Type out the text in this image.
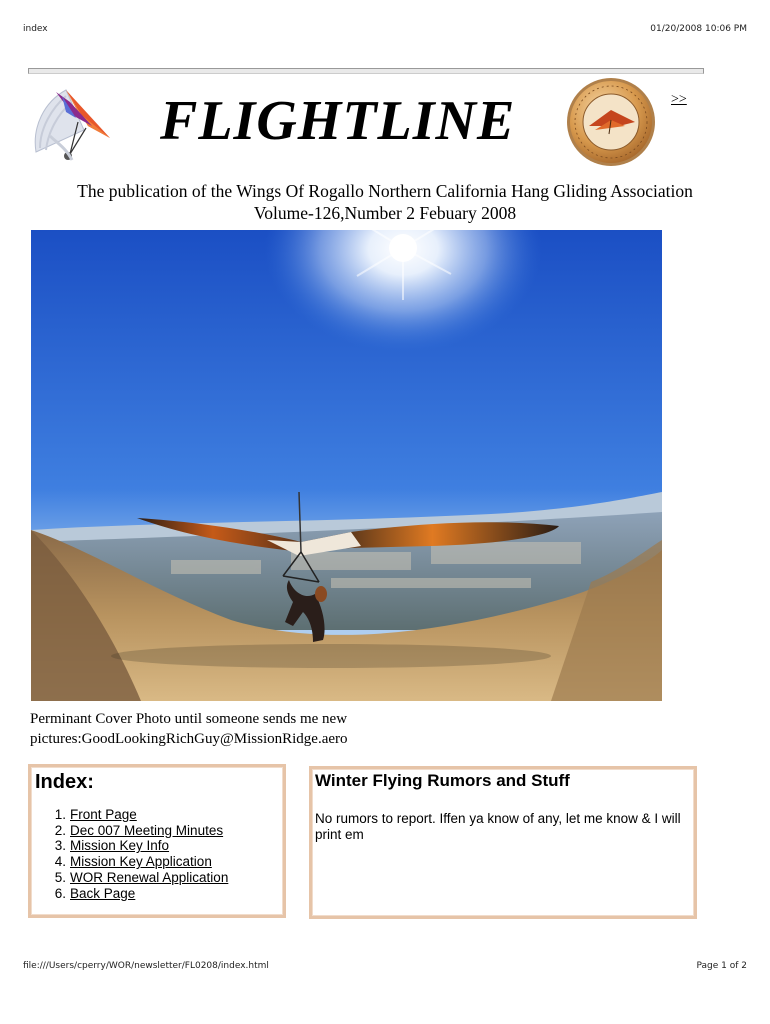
index	01/20/2008 10:06 PM
FLIGHTLINE	>>
The publication of the Wings Of Rogallo Northern California Hang Gliding Association
Volume-126,Number 2 Febuary 2008
Perminant Cover Photo until someone sends me new
pictures:GoodLookingRichGuy@MissionRidge.aero
Index:
1. Front Page
2. Dec 007 Meeting Minutes
3. Mission Key Info
4. Mission Key Application
5. WOR Renewal Application
6. Back Page
Winter Flying Rumors and Stuff
No rumors to report. Iffen ya know of any, let me know & I will print em
file:///Users/cperry/WOR/newsletter/FL0208/index.html	Page 1 of 2
